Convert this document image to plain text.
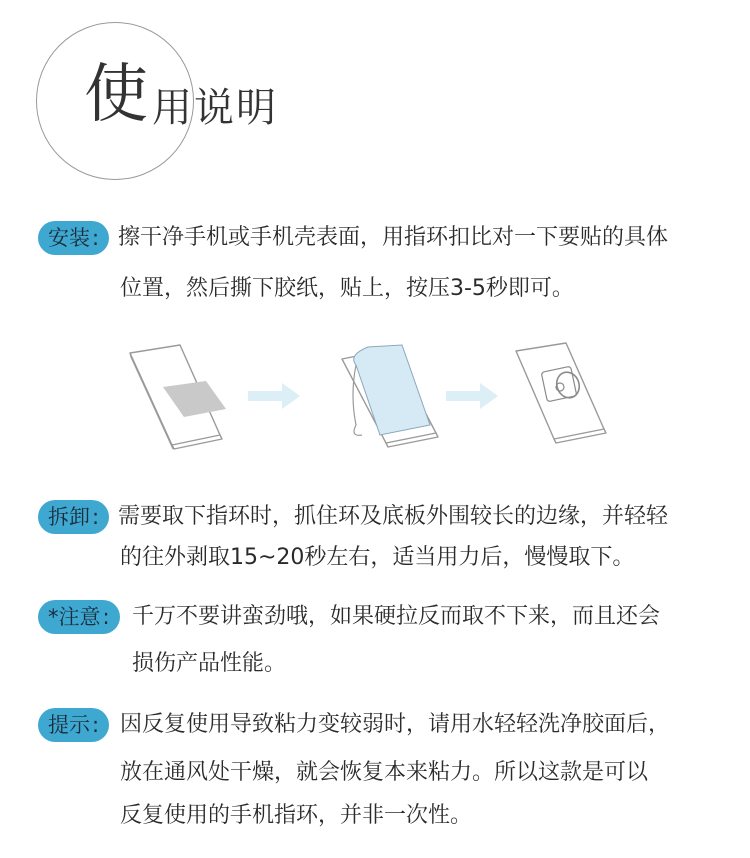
使 用说明
安装: 擦干净手机或手机壳表面，用指环扣比对一下要贴的具体
位置，然后撕下胶纸，贴上，按压3-5秒即可。
拆卸: 需要取下指环时，抓住环及底板外围较长的边缘，并轻轻
的往外剥取15~20秒左右，适当用力后，慢慢取下。
*注意:	千万不要讲蛮劲哦，如果硬拉反而取不下来，而且还会
损伤产品性能。
提示: 因反复使用导致粘力变较弱时，请用水轻轻洗净胶面后，
放在通风处干燥，就会恢复本来粘力。所以这款是可以
反复使用的手机指环，并非一次性。
